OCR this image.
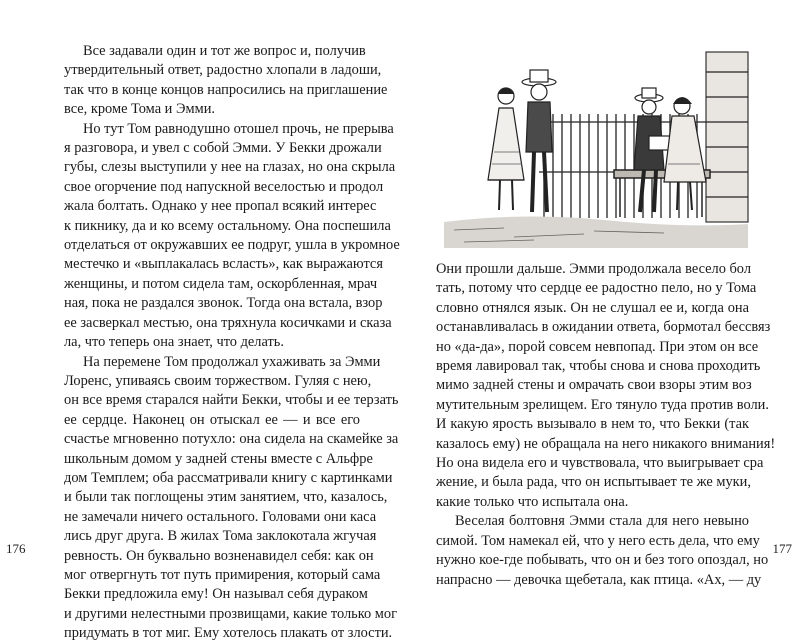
Все задавали один и тот же вопрос и, получив
утвердительный ответ, радостно хлопали в ладоши,
так что в конце концов напросились на приглашение
все, кроме Тома и Эмми.
Но тут Том равнодушно отошел прочь, не прерыва
я разговора, и увел с собой Эмми. У Бекки дрожали
губы, слезы выступили у нее на глазах, но она скрыла
свое огорчение под напускной веселостью и продол
жала болтать. Однако у нее пропал всякий интерес
к пикнику, да и ко всему остальному. Она поспешила
отделаться от окружавших ее подруг, ушла в укромное
местечко и «выплакалась всласть», как выражаются
женщины, и потом сидела там, оскорбленная, мрач
ная, пока не раздался звонок. Тогда она встала, взор
ее засверкал местью, она тряхнула косичками и сказа
ла, что теперь она знает, что делать.
На перемене Том продолжал ухаживать за Эмми
Лоренс, упиваясь своим торжеством. Гуляя с нею,
он все время старался найти Бекки, чтобы и ее терзать
ее сердце. Наконец он отыскал ее — и все его
счастье мгновенно потухло: она сидела на скамейке за
школьным домом у задней стены вместе с Альфре
дом Темплем; оба рассматривали книгу с картинками
и были так поглощены этим занятием, что, казалось,
не замечали ничего остального. Головами они каса
лись друг друга. В жилах Тома заклокотала жгучая
ревность. Он буквально возненавидел себя: как он
мог отвергнуть тот путь примирения, который сама
Бекки предложила ему! Он называл себя дураком
и другими нелестными прозвищами, какие только мог
придумать в тот миг. Ему хотелось плакать от злости.
176
Они прошли дальше. Эмми продолжала весело бол
тать, потому что сердце ее радостно пело, но у Тома
словно отнялся язык. Он не слушал ее и, когда она
останавливалась в ожидании ответа, бормотал бессвяз
но «да-да», порой совсем невпопад. При этом он все
время лавировал так, чтобы снова и снова проходить
мимо задней стены и омрачать свои взоры этим воз
мутительным зрелищем. Его тянуло туда против воли.
И какую ярость вызывало в нем то, что Бекки (так
казалось ему) не обращала на него никакого внимания!
Но она видела его и чувствовала, что выигрывает сра
жение, и была рада, что он испытывает те же муки,
какие только что испытала она.
Веселая болтовня Эмми стала для него невыно
симой. Том намекал ей, что у него есть дела, что ему
нужно кое-где побывать, что он и без того опоздал, но
напрасно — девочка щебетала, как птица. «Ах, — ду
177
